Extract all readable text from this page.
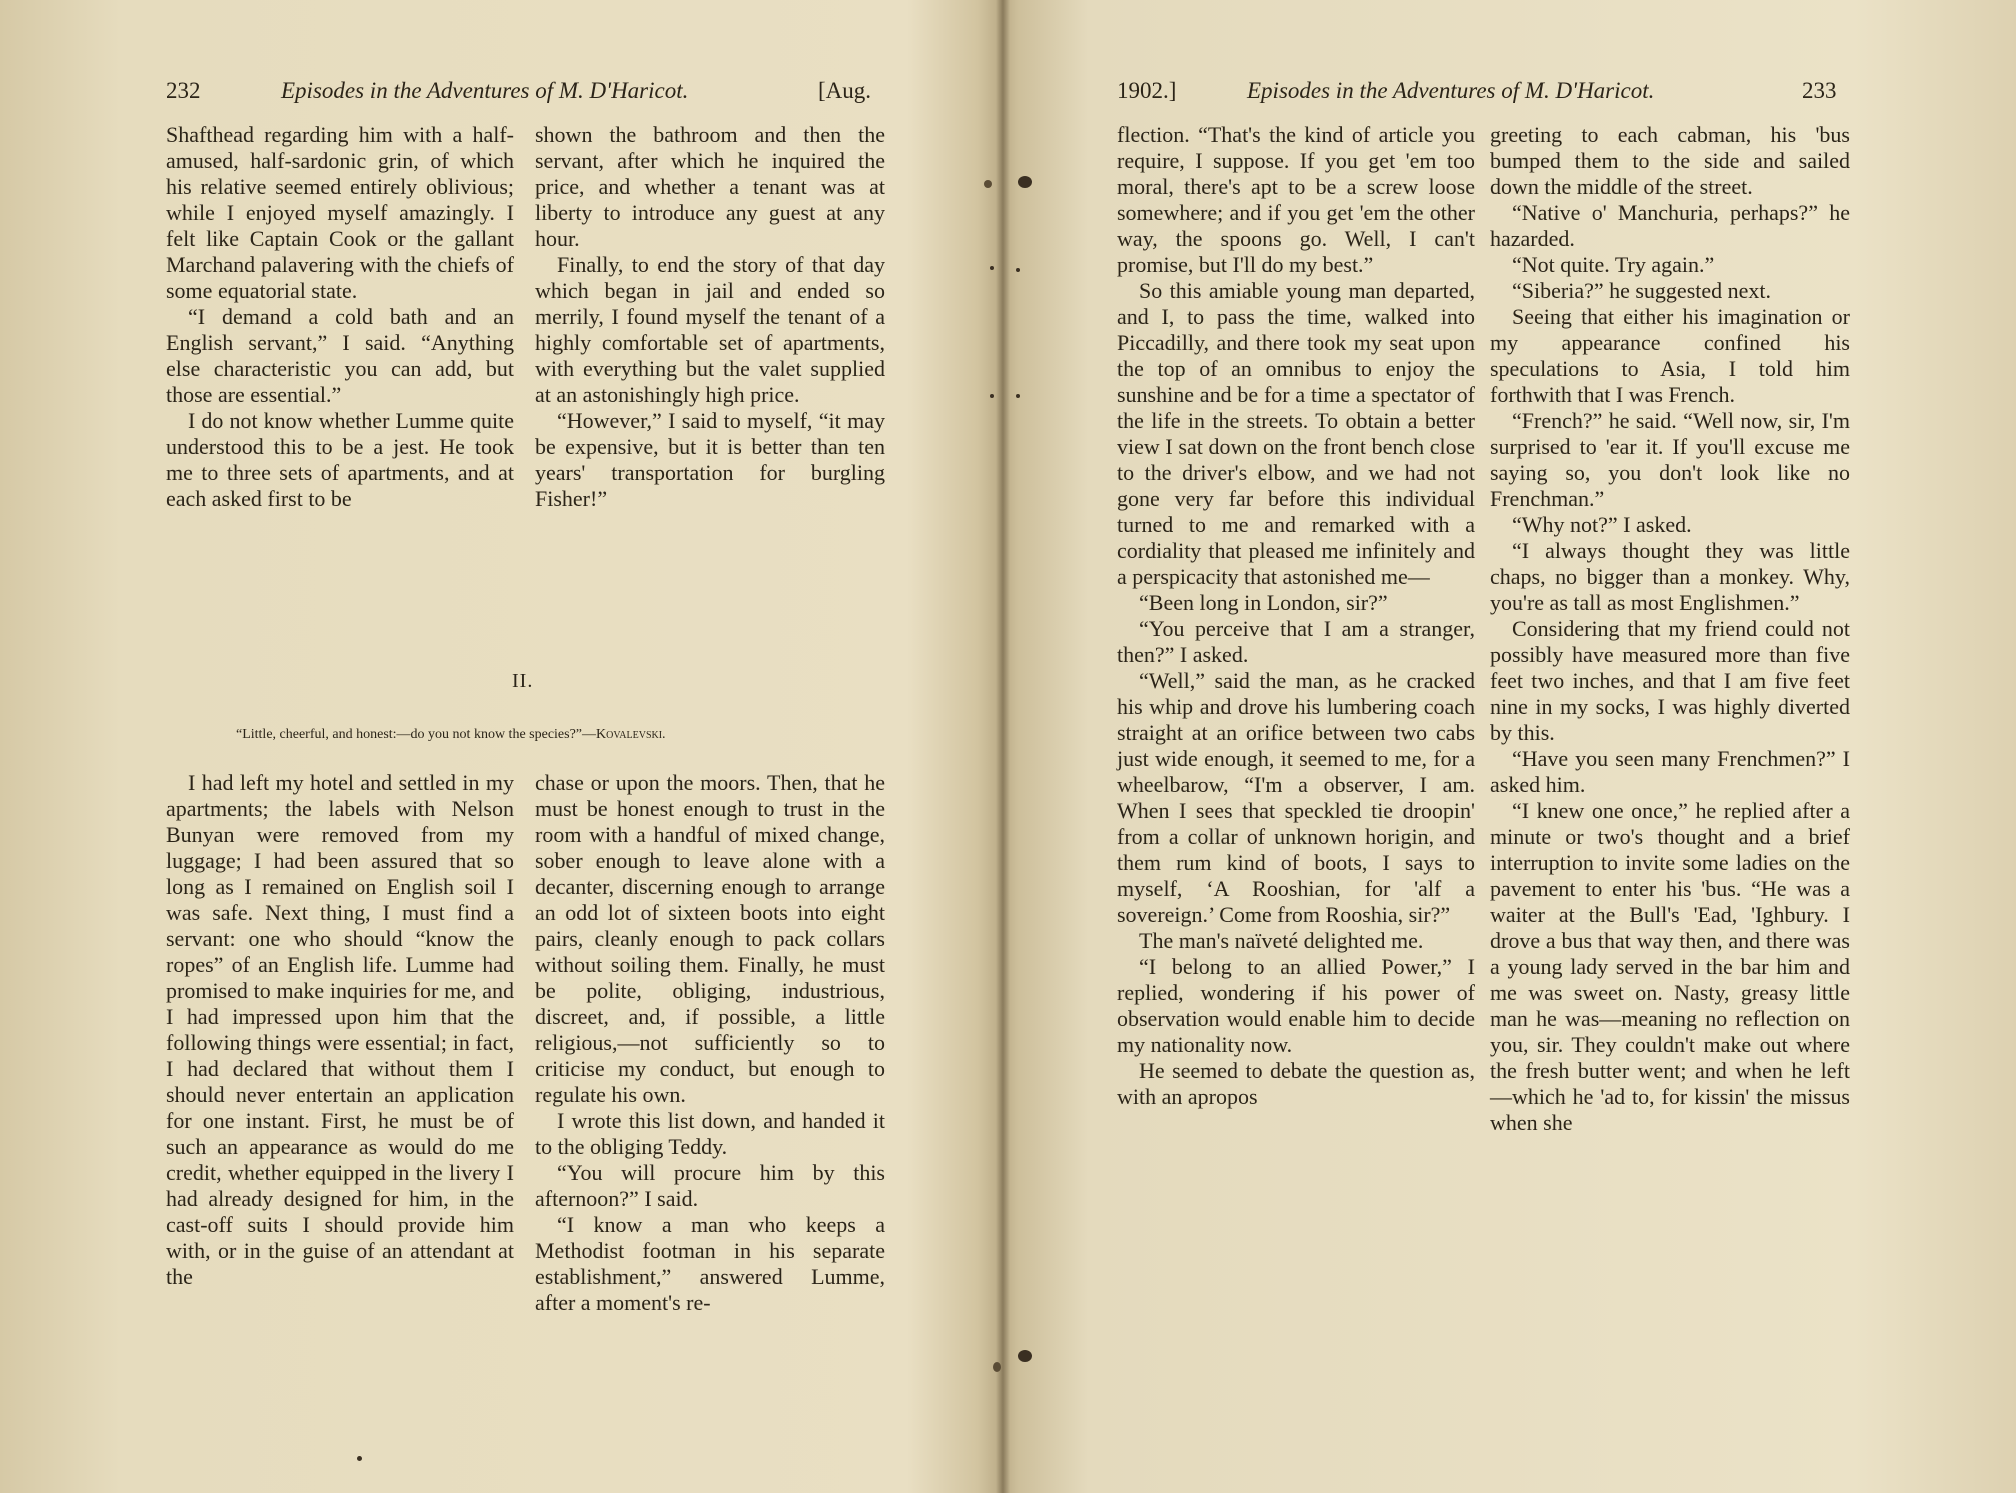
232	Episodes in the Adventures of M. D'Haricot.	[Aug.

Shafthead regarding him with a half-amused, half-sardonic grin, of which his relative seemed entirely oblivious; while I enjoyed myself amazingly. I felt like Captain Cook or the gallant Marchand palavering with the chiefs of some equatorial state.

“I demand a cold bath and an English servant,” I said. “Anything else characteristic you can add, but those are essential.”

I do not know whether Lumme quite understood this to be a jest. He took me to three sets of apartments, and at each asked first to be

shown the bathroom and then the servant, after which he inquired the price, and whether a tenant was at liberty to introduce any guest at any hour.

Finally, to end the story of that day which began in jail and ended so merrily, I found myself the tenant of a highly comfortable set of apartments, with everything but the valet supplied at an astonishingly high price.

“However,” I said to myself, “it may be expensive, but it is better than ten years' transportation for burgling Fisher!”

II.
“Little, cheerful, and honest:—do you not know the species?”—Kovalevski.

I had left my hotel and settled in my apartments; the labels with Nelson Bunyan were removed from my luggage; I had been assured that so long as I remained on English soil I was safe. Next thing, I must find a servant: one who should “know the ropes” of an English life. Lumme had promised to make inquiries for me, and I had impressed upon him that the following things were essential; in fact, I had declared that without them I should never entertain an application for one instant. First, he must be of such an appearance as would do me credit, whether equipped in the livery I had already designed for him, in the cast-off suits I should provide him with, or in the guise of an attendant at the

chase or upon the moors. Then, that he must be honest enough to trust in the room with a handful of mixed change, sober enough to leave alone with a decanter, discerning enough to arrange an odd lot of sixteen boots into eight pairs, cleanly enough to pack collars without soiling them. Finally, he must be polite, obliging, industrious, discreet, and, if possible, a little religious,—not sufficiently so to criticise my conduct, but enough to regulate his own.

I wrote this list down, and handed it to the obliging Teddy.

“You will procure him by this afternoon?” I said.

“I know a man who keeps a Methodist footman in his separate establishment,” answered Lumme, after a moment's re-

1902.]	Episodes in the Adventures of M. D'Haricot.	233

flection. “That's the kind of article you require, I suppose. If you get 'em too moral, there's apt to be a screw loose somewhere; and if you get 'em the other way, the spoons go. Well, I can't promise, but I'll do my best.”

So this amiable young man departed, and I, to pass the time, walked into Piccadilly, and there took my seat upon the top of an omnibus to enjoy the sunshine and be for a time a spectator of the life in the streets. To obtain a better view I sat down on the front bench close to the driver's elbow, and we had not gone very far before this individual turned to me and remarked with a cordiality that pleased me infinitely and a perspicacity that astonished me—

“Been long in London, sir?”

“You perceive that I am a stranger, then?” I asked.

“Well,” said the man, as he cracked his whip and drove his lumbering coach straight at an orifice between two cabs just wide enough, it seemed to me, for a wheelbarow, “I'm a observer, I am. When I sees that speckled tie droopin' from a collar of unknown horigin, and them rum kind of boots, I says to myself, ‘A Rooshian, for 'alf a sovereign.’ Come from Rooshia, sir?”

The man's naïveté delighted me.

“I belong to an allied Power,” I replied, wondering if his power of observation would enable him to decide my nationality now.

He seemed to debate the question as, with an apropos

greeting to each cabman, his 'bus bumped them to the side and sailed down the middle of the street.

“Native o' Manchuria, perhaps?” he hazarded.

“Not quite. Try again.”

“Siberia?” he suggested next.

Seeing that either his imagination or my appearance confined his speculations to Asia, I told him forthwith that I was French.

“French?” he said. “Well now, sir, I'm surprised to 'ear it. If you'll excuse me saying so, you don't look like no Frenchman.”

“Why not?” I asked.

“I always thought they was little chaps, no bigger than a monkey. Why, you're as tall as most Englishmen.”

Considering that my friend could not possibly have measured more than five feet two inches, and that I am five feet nine in my socks, I was highly diverted by this.

“Have you seen many Frenchmen?” I asked him.

“I knew one once,” he replied after a minute or two's thought and a brief interruption to invite some ladies on the pavement to enter his 'bus. “He was a waiter at the Bull's 'Ead, 'Ighbury. I drove a bus that way then, and there was a young lady served in the bar him and me was sweet on. Nasty, greasy little man he was—meaning no reflection on you, sir. They couldn't make out where the fresh butter went; and when he left—which he 'ad to, for kissin' the missus when she
